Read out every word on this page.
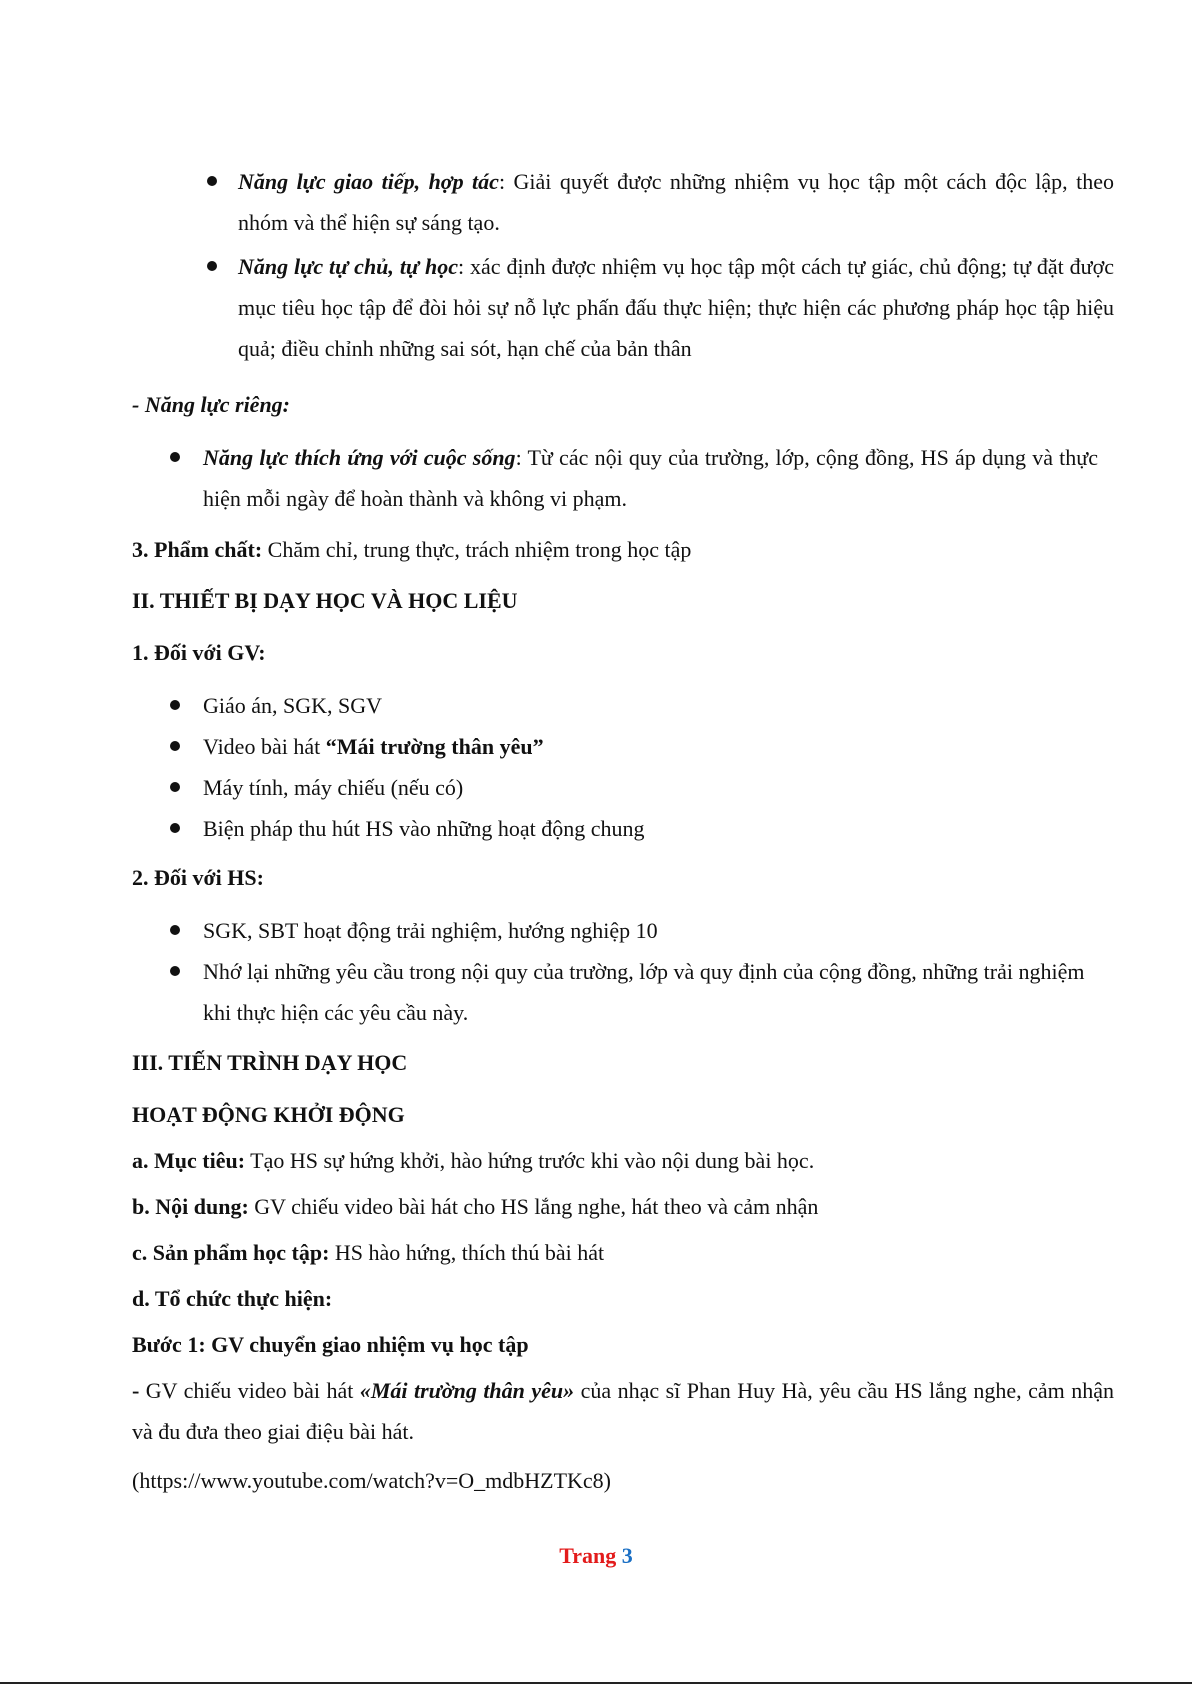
Năng lực giao tiếp, hợp tác: Giải quyết được những nhiệm vụ học tập một cách độc lập, theo nhóm và thể hiện sự sáng tạo.
Năng lực tự chủ, tự học: xác định được nhiệm vụ học tập một cách tự giác, chủ động; tự đặt được mục tiêu học tập để đòi hỏi sự nỗ lực phấn đấu thực hiện; thực hiện các phương pháp học tập hiệu quả; điều chỉnh những sai sót, hạn chế của bản thân
- Năng lực riêng:
Năng lực thích ứng với cuộc sống: Từ các nội quy của trường, lớp, cộng đồng, HS áp dụng và thực hiện mỗi ngày để hoàn thành và không vi phạm.
3. Phẩm chất: Chăm chỉ, trung thực, trách nhiệm trong học tập
II. THIẾT BỊ DẠY HỌC VÀ HỌC LIỆU
1. Đối với GV:
Giáo án, SGK, SGV
Video bài hát “Mái trường thân yêu”
Máy tính, máy chiếu (nếu có)
Biện pháp thu hút HS vào những hoạt động chung
2. Đối với HS:
SGK, SBT hoạt động trải nghiệm, hướng nghiệp 10
Nhớ lại những yêu cầu trong nội quy của trường, lớp và quy định của cộng đồng, những trải nghiệm khi thực hiện các yêu cầu này.
III. TIẾN TRÌNH DẠY HỌC
HOẠT ĐỘNG KHỞI ĐỘNG
a. Mục tiêu: Tạo HS sự hứng khởi, hào hứng trước khi vào nội dung bài học.
b. Nội dung: GV chiếu video bài hát cho HS lắng nghe, hát theo và cảm nhận
c. Sản phẩm học tập: HS hào hứng, thích thú bài hát
d. Tổ chức thực hiện:
Bước 1: GV chuyển giao nhiệm vụ học tập
- GV chiếu video bài hát «Mái trường thân yêu» của nhạc sĩ Phan Huy Hà, yêu cầu HS lắng nghe, cảm nhận và đu đưa theo giai điệu bài hát.
(https://www.youtube.com/watch?v=O_mdbHZTKc8)
Trang 3
